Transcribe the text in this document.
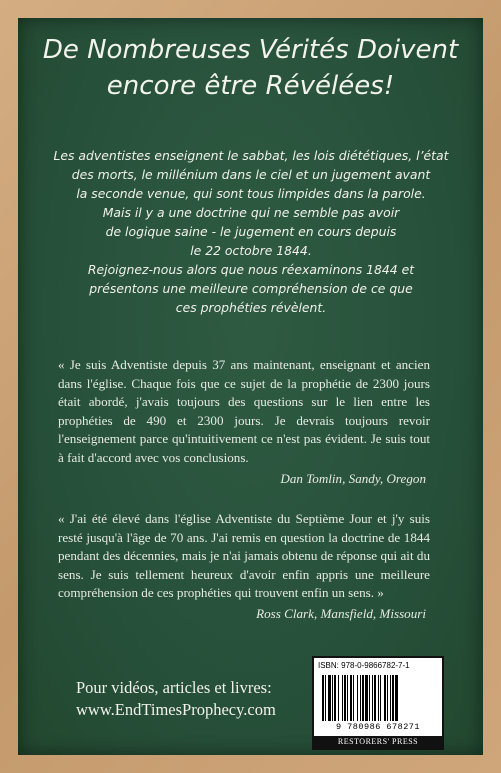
De Nombreuses Vérités Doivent
encore être Révélées!
Les adventistes enseignent le sabbat, les lois diététiques, l’état
des morts, le millénium dans le ciel et un jugement avant
la seconde venue, qui sont tous limpides dans la parole.
Mais il y a une doctrine qui ne semble pas avoir
de logique saine - le jugement en cours depuis
le 22 octobre 1844.
Rejoignez-nous alors que nous réexaminons 1844 et
présentons une meilleure compréhension de ce que
ces prophéties révèlent.
« Je suis Adventiste depuis 37 ans maintenant, enseignant et ancien dans l'église. Chaque fois que ce sujet de la prophétie de 2300 jours était abordé, j'avais toujours des questions sur le lien entre les prophéties de 490 et 2300 jours. Je devrais toujours revoir l'enseignement parce qu'intuitivement ce n'est pas évident. Je suis tout à fait d'accord avec vos conclusions.
Dan Tomlin, Sandy, Oregon
« J'ai été élevé dans l'église Adventiste du Septième Jour et j'y suis resté jusqu'à l'âge de 70 ans. J'ai remis en question la doctrine de 1844 pendant des décennies, mais je n'ai jamais obtenu de réponse qui ait du sens. Je suis tellement heureux d'avoir enfin appris une meilleure compréhension de ces prophéties qui trouvent enfin un sens. »
Ross Clark, Mansfield, Missouri
Pour vidéos, articles et livres:
www.EndTimesProphecy.com
ISBN: 978-0-9866782-7-1
9 780986 678271
RESTORERS' PRESS
